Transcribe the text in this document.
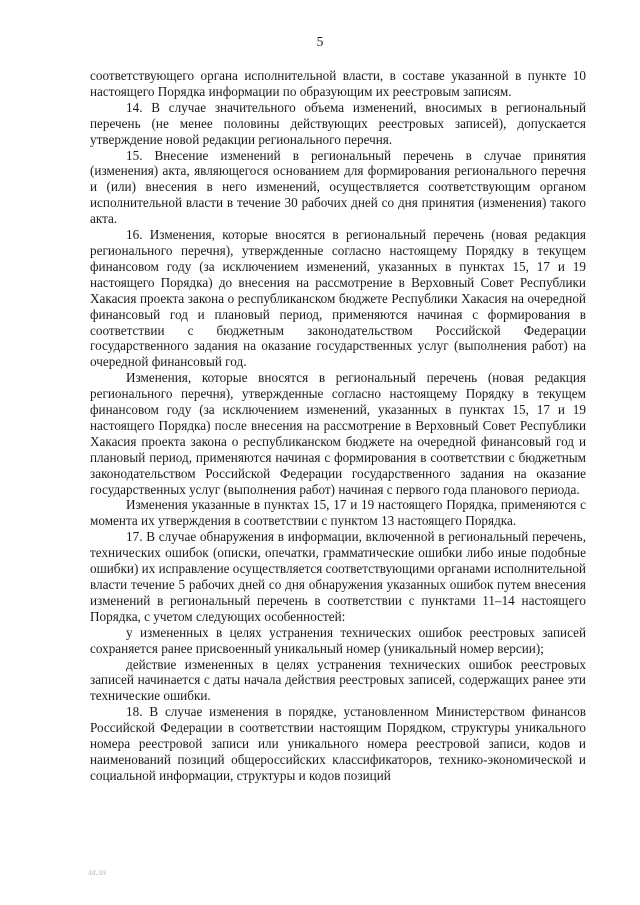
5

соответствующего органа исполнительной власти, в составе указанной в пункте 10 настоящего Порядка информации по образующим их реестровым записям.

14. В случае значительного объема изменений, вносимых в региональный перечень (не менее половины действующих реестровых записей), допускается утверждение новой редакции регионального перечня.

15. Внесение изменений в региональный перечень в случае принятия (изменения) акта, являющегося основанием для формирования регионального перечня и (или) внесения в него изменений, осуществляется соответствующим органом исполнительной власти в течение 30 рабочих дней со дня принятия (изменения) такого акта.

16. Изменения, которые вносятся в региональный перечень (новая редакция регионального перечня), утвержденные согласно настоящему Порядку в текущем финансовом году (за исключением изменений, указанных в пунктах 15, 17 и 19 настоящего Порядка) до внесения на рассмотрение в Верховный Совет Республики Хакасия проекта закона о республиканском бюджете Республики Хакасия на очередной финансовый год и плановый период, применяются начиная с формирования в соответствии с бюджетным законодательством Российской Федерации государственного задания на оказание государственных услуг (выполнения работ) на очередной финансовый год.

Изменения, которые вносятся в региональный перечень (новая редакция регионального перечня), утвержденные согласно настоящему Порядку в текущем финансовом году (за исключением изменений, указанных в пунктах 15, 17 и 19 настоящего Порядка) после внесения на рассмотрение в Верховный Совет Республики Хакасия проекта закона о республиканском бюджете на очередной финансовый год и плановый период, применяются начиная с формирования в соответствии с бюджетным законодательством Российской Федерации государственного задания на оказание государственных услуг (выполнения работ) начиная с первого года планового периода.

Изменения указанные в пунктах 15, 17 и 19 настоящего Порядка, применяются с момента их утверждения в соответствии с пунктом 13 настоящего Порядка.

17. В случае обнаружения в информации, включенной в региональный перечень, технических ошибок (описки, опечатки, грамматические ошибки либо иные подобные ошибки) их исправление осуществляется соответствующими органами исполнительной власти течение 5 рабочих дней со дня обнаружения указанных ошибок путем внесения изменений в региональный перечень в соответствии с пунктами 11–14 настоящего Порядка, с учетом следующих особенностей:

у измененных в целях устранения технических ошибок реестровых записей сохраняется ранее присвоенный уникальный номер (уникальный номер версии);

действие измененных в целях устранения технических ошибок реестровых записей начинается с даты начала действия реестровых записей, содержащих ранее эти технические ошибки.

18. В случае изменения в порядке, установленном Министерством финансов Российской Федерации в соответствии настоящим Порядком, структуры уникального номера реестровой записи или уникального номера реестровой записи, кодов и наименований позиций общероссийских классификаторов, технико-экономической и социальной информации, структуры и кодов позиций

лл.лл
